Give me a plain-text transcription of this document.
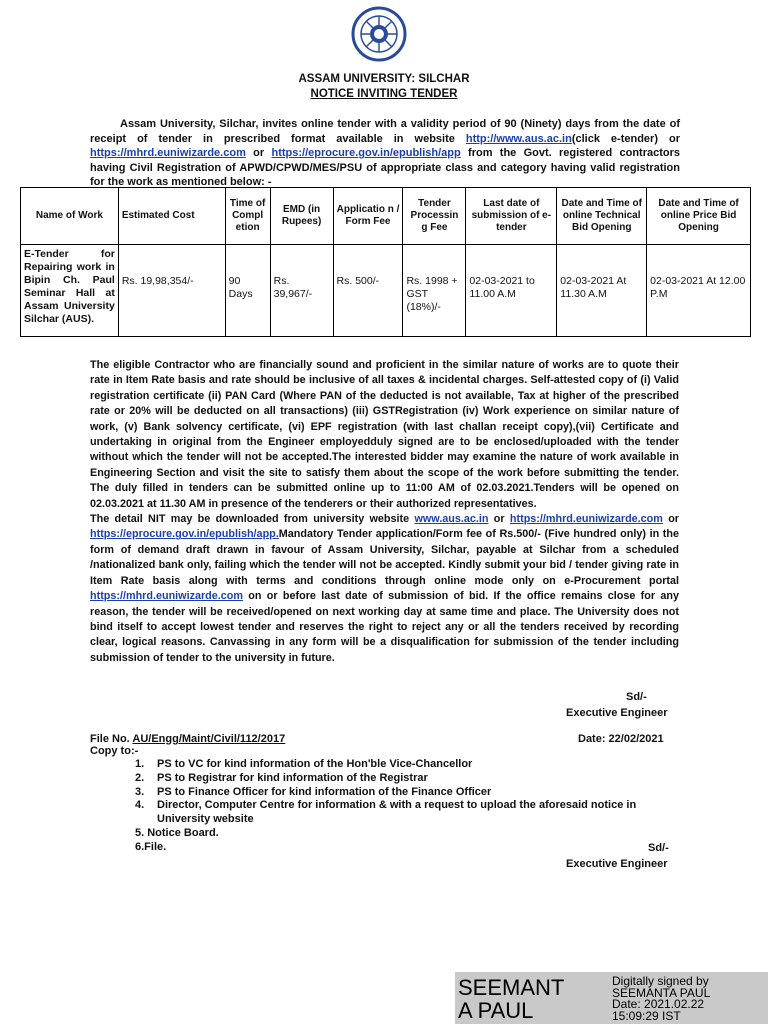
ASSAM UNIVERSITY: SILCHAR
NOTICE INVITING TENDER
Assam University, Silchar, invites online tender with a validity period of 90 (Ninety) days from the date of receipt of tender in prescribed format available in website http://www.aus.ac.in(click e-tender) or https://mhrd.euniwizarde.com or https://eprocure.gov.in/epublish/app from the Govt. registered contractors having Civil Registration of APWD/CPWD/MES/PSU of appropriate class and category having valid registration for the work as mentioned below: -
Name of Work	Estimated Cost	Time of Compl etion	EMD (in Rupees)	Applicatio n / Form Fee	Tender Processin g Fee	Last date of submission of e-tender	Date and Time of online Technical Bid Opening	Date and Time of online Price Bid Opening
E-Tender for Repairing work in Bipin Ch. Paul Seminar Hall at Assam University Silchar (AUS).	Rs. 19,98,354/-	90 Days	Rs. 39,967/-	Rs. 500/-	Rs. 1998 + GST (18%)/-	02-03-2021 to 11.00 A.M	02-03-2021 At 11.30 A.M	02-03-2021 At 12.00 P.M

The eligible Contractor who are financially sound and proficient in the similar nature of works are to quote their rate in Item Rate basis and rate should be inclusive of all taxes & incidental charges. Self-attested copy of (i) Valid registration certificate (ii) PAN Card (Where PAN of the deducted is not available, Tax at higher of the prescribed rate or 20% will be deducted on all transactions) (iii) GSTRegistration (iv) Work experience on similar nature of work, (v) Bank solvency certificate, (vi) EPF registration (with last challan receipt copy),(vii) Certificate and undertaking in original from the Engineer employedduly signed are to be enclosed/uploaded with the tender without which the tender will not be accepted.The interested bidder may examine the nature of work available in Engineering Section and visit the site to satisfy them about the scope of the work before submitting the tender. The duly filled in tenders can be submitted online up to 11:00 AM of 02.03.2021.Tenders will be opened on 02.03.2021 at 11.30 AM in presence of the tenderers or their authorized representatives.

The detail NIT may be downloaded from university website www.aus.ac.in or https://mhrd.euniwizarde.com or https://eprocure.gov.in/epublish/app.Mandatory Tender application/Form fee of Rs.500/- (Five hundred only) in the form of demand draft drawn in favour of Assam University, Silchar, payable at Silchar from a scheduled /nationalized bank only, failing which the tender will not be accepted. Kindly submit your bid / tender giving rate in Item Rate basis along with terms and conditions through online mode only on e-Procurement portal https://mhrd.euniwizarde.com on or before last date of submission of bid. If the office remains close for any reason, the tender will be received/opened on next working day at same time and place. The University does not bind itself to accept lowest tender and reserves the right to reject any or all the tenders received by recording clear, logical reasons. Canvassing in any form will be a disqualification for submission of the tender including submission of tender to the university in future.

Sd/-
Executive Engineer
File No. AU/Engg/Maint/Civil/112/2017	Date: 22/02/2021
Copy to:-
1.	PS to VC for kind information of the Hon'ble Vice-Chancellor
2.	PS to Registrar for kind information of the Registrar
3.	PS to Finance Officer for kind information of the Finance Officer
4.	Director, Computer Centre for information & with a request to upload the aforesaid notice in University website
5. Notice Board.
6.File.	Sd/-
Executive Engineer
SEEMANT
A PAUL
Digitally signed by
SEEMANTA PAUL
Date: 2021.02.22
15:09:29 IST
